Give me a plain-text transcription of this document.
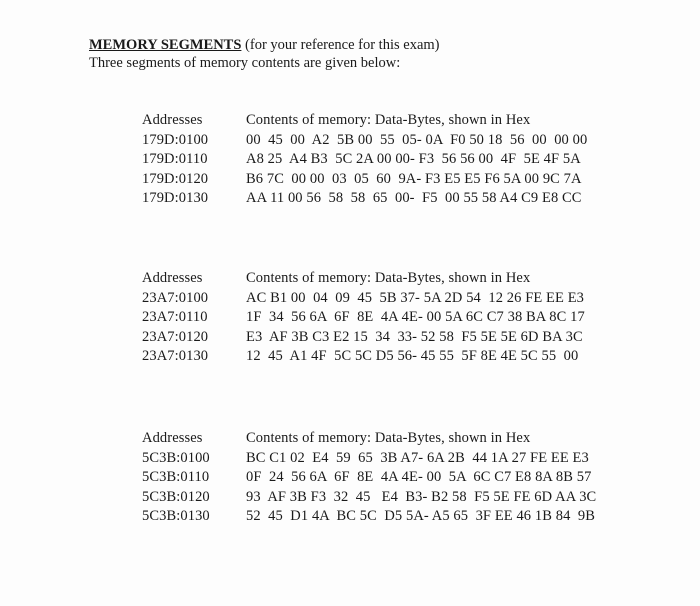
MEMORY SEGMENTS (for your reference for this exam)
Three segments of memory contents are given below:
Addresses	Contents of memory: Data-Bytes, shown in Hex
179D:0100	00  45  00  A2  5B 00  55  05- 0A  F0 50 18  56  00  00 00
179D:0110	A8 25  A4 B3  5C 2A 00 00- F3  56 56 00  4F  5E 4F 5A
179D:0120	B6 7C  00 00  03  05  60  9A- F3 E5 E5 F6 5A 00 9C 7A
179D:0130	AA 11 00 56  58  58  65  00-  F5  00 55 58 A4 C9 E8 CC
Addresses	Contents of memory: Data-Bytes, shown in Hex
23A7:0100	AC B1 00  04  09  45  5B 37- 5A 2D 54  12 26 FE EE E3
23A7:0110	1F  34  56 6A  6F  8E  4A 4E- 00 5A 6C C7 38 BA 8C 17
23A7:0120	E3  AF 3B C3 E2 15  34  33- 52 58  F5 5E 5E 6D BA 3C
23A7:0130	12  45  A1 4F  5C 5C D5 56- 45 55  5F 8E 4E 5C 55  00
Addresses	Contents of memory: Data-Bytes, shown in Hex
5C3B:0100	BC C1 02  E4  59  65  3B A7- 6A 2B  44 1A 27 FE EE E3
5C3B:0110	0F  24  56 6A  6F  8E  4A 4E- 00  5A  6C C7 E8 8A 8B 57
5C3B:0120	93  AF 3B F3  32  45   E4  B3- B2 58  F5 5E FE 6D AA 3C
5C3B:0130	52  45  D1 4A  BC 5C  D5 5A- A5 65  3F EE 46 1B 84  9B
